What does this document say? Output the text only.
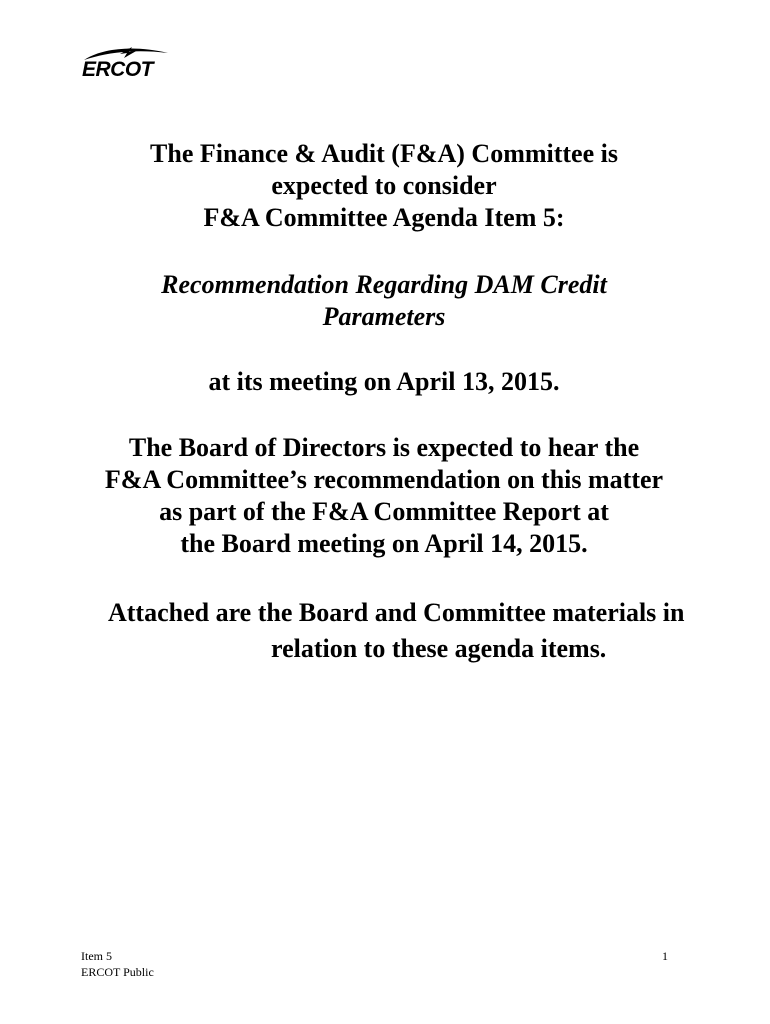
ERCOT
The Finance & Audit (F&A) Committee is
expected to consider
F&A Committee Agenda Item 5:
Recommendation Regarding DAM Credit
Parameters
at its meeting on April 13, 2015.
The Board of Directors is expected to hear the
F&A Committee’s recommendation on this matter
as part of the F&A Committee Report at
the Board meeting on April 14, 2015.
Attached are the Board and Committee materials in
relation to these agenda items.
Item 5
ERCOT Public
1
